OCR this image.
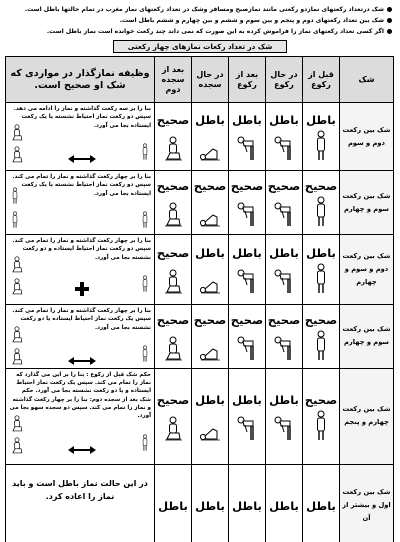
شک درتعداد رکعتهای نمازدو رکعتی مانند نمازصبح ومسافر وشک در تعداد رکعتهای نماز مغرب در تمام حالتها باطل است.
شک بین تعداد رکعتهای دوم و پنجم و بین سوم و ششم و بین چهارم و ششم باطل است.
اگر کسی تعداد رکعتهای نماز را فراموش کرده به این صورت که نمی داند چند رکعت خوانده است نماز باطل است.
شک در تعداد رکعات نمازهای چهار رکعتی
شک	قبل از رکوع	در حال رکوع	بعد از رکوع	در حال سجده	بعد از سجده دوم	وظیفه نمازگذار در مواردی که شک او صحیح است.
شک بین رکعت دوم و سوم	باطل	باطل	باطل	باطل	صحیح	بنا را بر سه رکعت گذاشته و نماز را ادامه می دهد. سپس دو رکعت نماز احتیاط نشسته یا یک رکعت ایستاده بجا می آورد.

شک بین رکعت سوم و چهارم	صحیح	صحیح	صحیح	صحیح	صحیح	بنا را بر چهار رکعت گذاشته و نماز را تمام می کند. سپس دو رکعت نماز احتیاط نشسته یا یک رکعت ایستاده بجا می آورد.

شک بین رکعت دوم و سوم و چهارم	باطل	باطل	باطل	باطل	صحیح	بنا را بر چهار رکعت گذاشته و نماز را تمام می کند. سپس دو رکعت نماز احتیاط ایستاده و دو رکعت نشسته بجا می آورد.

شک بین رکعت سوم و چهارم	صحیح	صحیح	صحیح	صحیح	صحیح	بنا را بر چهار رکعت گذاشته و نماز را تمام می کند. سپس یک رکعت نماز احتیاط ایستاده یا دو رکعت نشسته بجا می آورد.

شک بین رکعت چهارم و پنجم	صحیح	باطل	باطل	باطل	صحیح	حکم شک قبل از رکوع : بنا را بر این می گذارد که نماز را تمام می کند. سپس یک رکعت نماز احتیاط ایستاده و یا دو رکعت نشسته بجا می آورد. حکم شک بعد از سجده دوم: بنا را بر چهار رکعت گذاشته و نماز را تمام می کند. سپس دو سجده سهو بجا می آورد.

شک بین رکعت اول و بیشتر از آن	باطل	باطل	باطل	باطل	باطل	در این حالت نماز باطل است و باید نماز را اعاده کرد.
